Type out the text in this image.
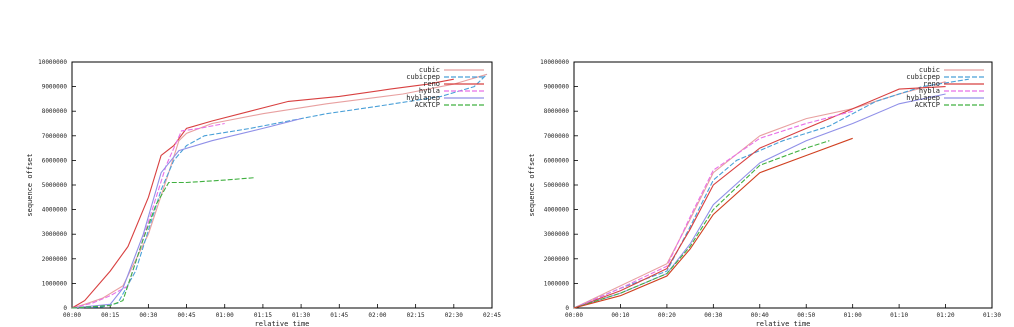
0
1000000
2000000
3000000
4000000
5000000
6000000
7000000
8000000
9000000
10000000
00:00	00:15	00:30	00:45	01:00	01:15	01:30	01:45	02:00	02:15	02:30	02:45
relative time
sequence offset
cubic
cubicpep
reno
hybla
hyblapep
ACKTCP
0
1000000
2000000
3000000
4000000
5000000
6000000
7000000
8000000
9000000
10000000
00:00	00:10	00:20	00:30	00:40	00:50	01:00	01:10	01:20	01:30
relative time
sequence offset
cubic
cubicpep
reno
hybla
hyblapep
ACKTCP
